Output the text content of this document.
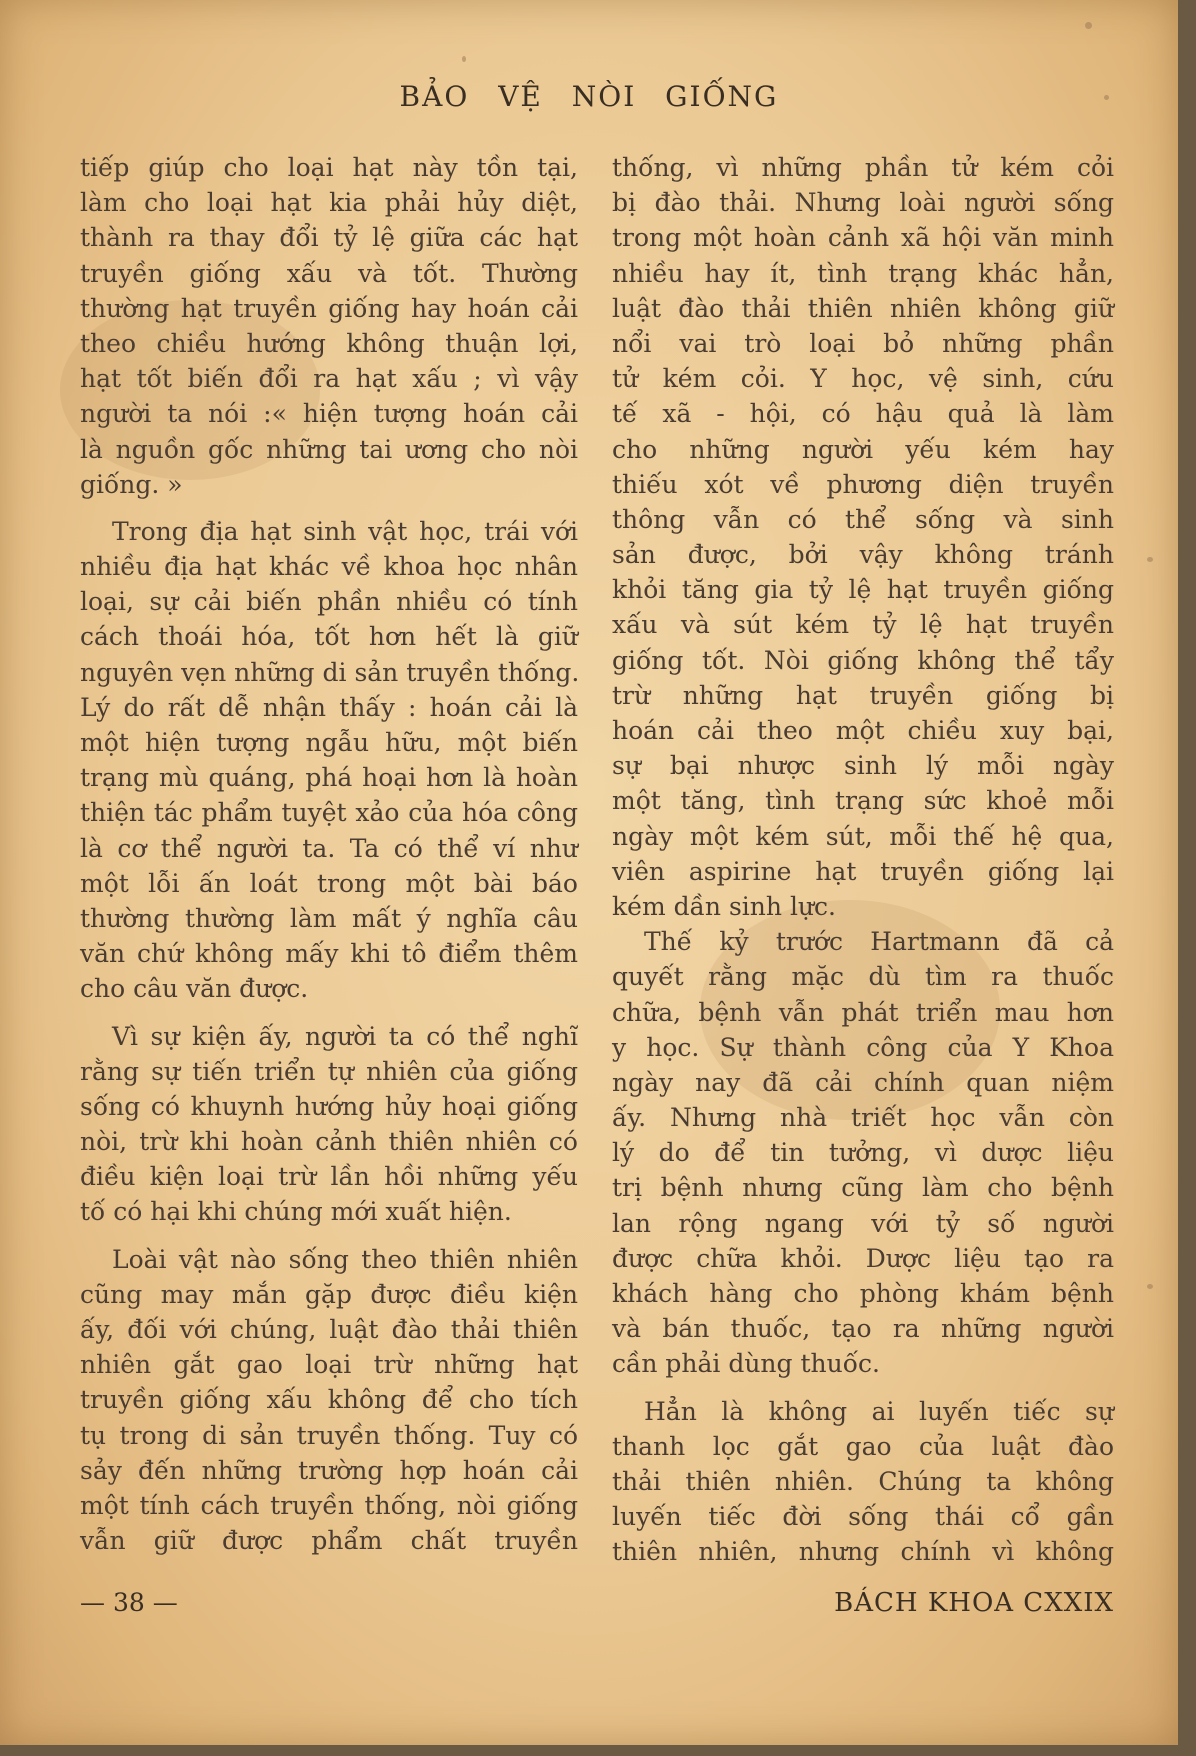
BẢO VỆ NÒI GIỐNG
tiếp giúp cho loại hạt này tồn tại,
làm cho loại hạt kia phải hủy diệt,
thành ra thay đổi tỷ lệ giữa các hạt
truyền giống xấu và tốt. Thường
thường hạt truyền giống hay hoán cải
theo chiều hướng không thuận lợi,
hạt tốt biến đổi ra hạt xấu ; vì vậy
người ta nói :« hiện tượng hoán cải
là nguồn gốc những tai ương cho nòi
giống. »
Trong địa hạt sinh vật học, trái với
nhiều địa hạt khác về khoa học nhân
loại, sự cải biến phần nhiều có tính
cách thoái hóa, tốt hơn hết là giữ
nguyên vẹn những di sản truyền thống.
Lý do rất dễ nhận thấy : hoán cải là
một hiện tượng ngẫu hữu, một biến
trạng mù quáng, phá hoại hơn là hoàn
thiện tác phẩm tuyệt xảo của hóa công
là cơ thể người ta. Ta có thể ví như
một lỗi ấn loát trong một bài báo
thường thường làm mất ý nghĩa câu
văn chứ không mấy khi tô điểm thêm
cho câu văn được.
Vì sự kiện ấy, người ta có thể nghĩ
rằng sự tiến triển tự nhiên của giống
sống có khuynh hướng hủy hoại giống
nòi, trừ khi hoàn cảnh thiên nhiên có
điều kiện loại trừ lần hồi những yếu
tố có hại khi chúng mới xuất hiện.
Loài vật nào sống theo thiên nhiên
cũng may mắn gặp được điều kiện
ấy, đối với chúng, luật đào thải thiên
nhiên gắt gao loại trừ những hạt
truyền giống xấu không để cho tích
tụ trong di sản truyền thống. Tuy có
sảy đến những trường hợp hoán cải
một tính cách truyền thống, nòi giống
vẫn giữ được phẩm chất truyền
thống, vì những phần tử kém cỏi
bị đào thải. Nhưng loài người sống
trong một hoàn cảnh xã hội văn minh
nhiều hay ít, tình trạng khác hẳn,
luật đào thải thiên nhiên không giữ
nổi vai trò loại bỏ những phần
tử kém cỏi. Y học, vệ sinh, cứu
tế xã - hội, có hậu quả là làm
cho những người yếu kém hay
thiếu xót về phương diện truyền
thông vẫn có thể sống và sinh
sản được, bởi vậy không tránh
khỏi tăng gia tỷ lệ hạt truyền giống
xấu và sút kém tỷ lệ hạt truyền
giống tốt. Nòi giống không thể tẩy
trừ những hạt truyền giống bị
hoán cải theo một chiều xuy bại,
sự bại nhược sinh lý mỗi ngày
một tăng, tình trạng sức khoẻ mỗi
ngày một kém sút, mỗi thế hệ qua,
viên aspirine hạt truyền giống lại
kém dần sinh lực.
Thế kỷ trước Hartmann đã cả
quyết rằng mặc dù tìm ra thuốc
chữa, bệnh vẫn phát triển mau hơn
y học. Sự thành công của Y Khoa
ngày nay đã cải chính quan niệm
ấy. Nhưng nhà triết học vẫn còn
lý do để tin tưởng, vì dược liệu
trị bệnh nhưng cũng làm cho bệnh
lan rộng ngang với tỷ số người
được chữa khỏi. Dược liệu tạo ra
khách hàng cho phòng khám bệnh
và bán thuốc, tạo ra những người
cần phải dùng thuốc.
Hẳn là không ai luyến tiếc sự
thanh lọc gắt gao của luật đào
thải thiên nhiên. Chúng ta không
luyến tiếc đời sống thái cổ gần
thiên nhiên, nhưng chính vì không
— 38 —	BÁCH KHOA CXXIX
